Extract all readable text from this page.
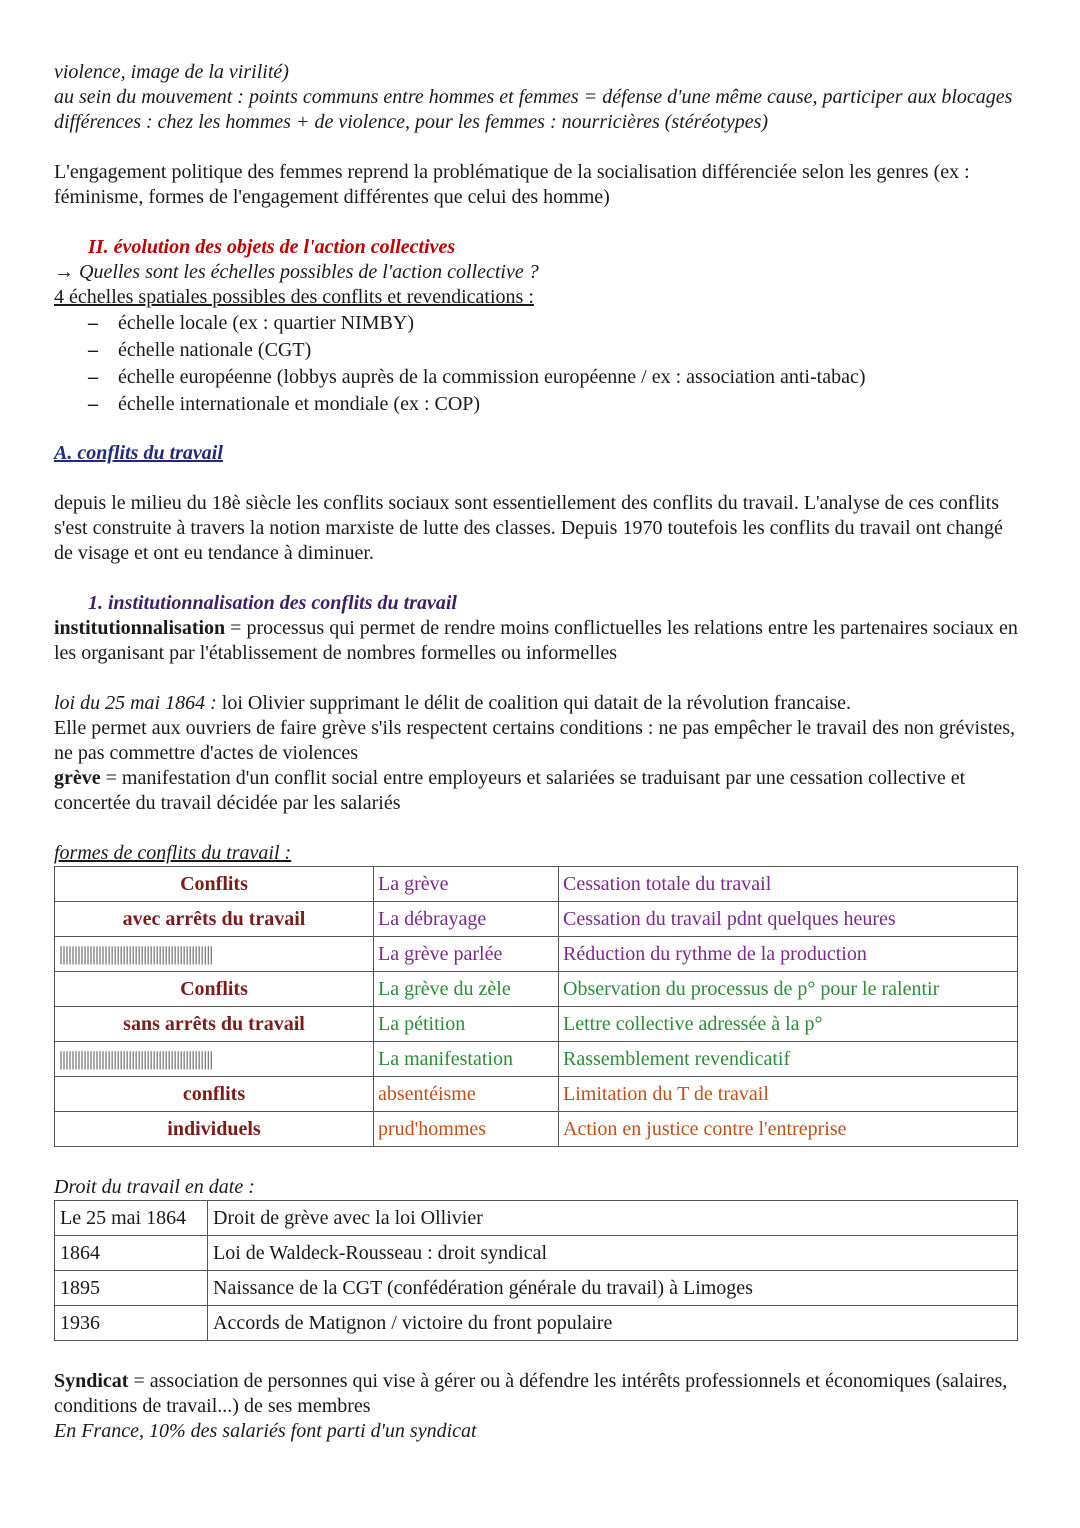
violence, image de la virilité)

au sein du mouvement : points communs entre hommes et femmes = défense d'une même cause, participer aux blocages

différences : chez les hommes + de violence, pour les femmes : nourricières (stéréotypes)

L'engagement politique des femmes reprend la problématique de la socialisation différenciée selon les genres (ex : féminisme, formes de l'engagement différentes que celui des homme)

II. évolution des objets de l'action collectives

→ Quelles sont les échelles possibles de l'action collective ?

4 échelles spatiales possibles des conflits et revendications :

– échelle locale (ex : quartier NIMBY)
– échelle nationale (CGT)
– échelle européenne (lobbys auprès de la commission européenne / ex : association anti-tabac)
– échelle internationale et mondiale (ex : COP)

A. conflits du travail

depuis le milieu du 18è siècle les conflits sociaux sont essentiellement des conflits du travail. L'analyse de ces conflits s'est construite à travers la notion marxiste de lutte des classes. Depuis 1970 toutefois les conflits du travail ont changé de visage et ont eu tendance à diminuer.

1. institutionnalisation des conflits du travail

institutionnalisation = processus qui permet de rendre moins conflictuelles les relations entre les partenaires sociaux en les organisant par l'établissement de nombres formelles ou informelles

loi du 25 mai 1864 : loi Olivier supprimant le délit de coalition qui datait de la révolution francaise.

Elle permet aux ouvriers de faire grève s'ils respectent certains conditions : ne pas empêcher le travail des non grévistes, ne pas commettre d'actes de violences

grève = manifestation d'un conflit social entre employeurs et salariées se traduisant par une cessation collective et concertée du travail décidée par les salariés

formes de conflits du travail :

Conflits	La grève	Cessation totale du travail
avec arrêts du travail	La débrayage	Cessation du travail pdnt quelques heures
|||||||||||||||||||||||||||||||||||||||||||||||||||	La grève parlée	Réduction du rythme de la production
Conflits	La grève du zèle	Observation du processus de p° pour le ralentir
sans arrêts du travail	La pétition	Lettre collective adressée à la p°
|||||||||||||||||||||||||||||||||||||||||||||||||||	La manifestation	Rassemblement revendicatif
conflits	absentéisme	Limitation du T de travail
individuels	prud'hommes	Action en justice contre l'entreprise

Droit du travail en date :

Le 25 mai 1864	Droit de grève avec la loi Ollivier
1864	Loi de Waldeck-Rousseau : droit syndical
1895	Naissance de la CGT (confédération générale du travail) à Limoges
1936	Accords de Matignon / victoire du front populaire

Syndicat = association de personnes qui vise à gérer ou à défendre les intérêts professionnels et économiques (salaires, conditions de travail...) de ses membres

En France, 10% des salariés font parti d'un syndicat
